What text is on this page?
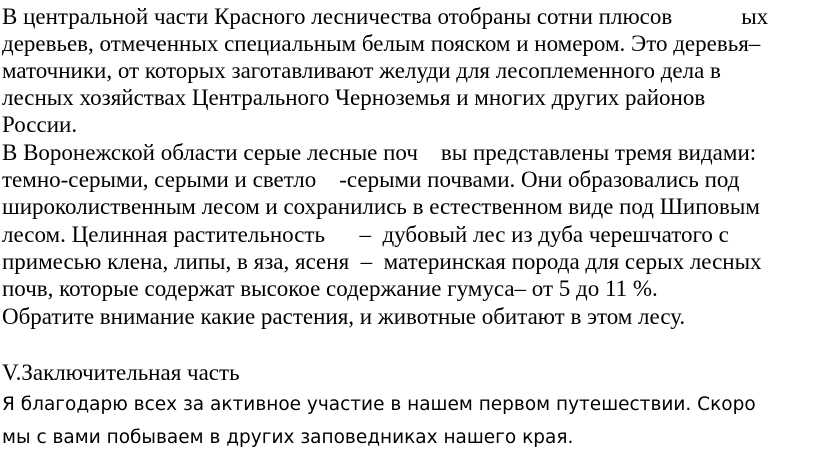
В центральной части Красного лесничества отобраны сотни плюсов            ых
деревьев, отмеченных специальным белым пояском и номером. Это деревья–
маточники, от которых заготавливают желуди для лесоплеменного дела в
лесных хозяйствах Центрального Черноземья и многих других районов
России.
В Воронежской области серые лесные поч    вы представлены тремя видами:
темно-серыми, серыми и светло    -серыми почвами. Они образовались под
широколиственным лесом и сохранились в естественном виде под Шиповым
лесом. Целинная растительность      –  дубовый лес из дуба черешчатого с
примесью клена, липы, в яза, ясеня  –  материнская порода для серых лесных
почв, которые содержат высокое содержание гумуса– от 5 до 11 %.
Обратите внимание какие растения, и животные обитают в этом лесу.
V.Заключительная часть
Я благодарю всех за активное участие в нашем первом путешествии. Скоро
мы с вами побываем в других заповедниках нашего края.
